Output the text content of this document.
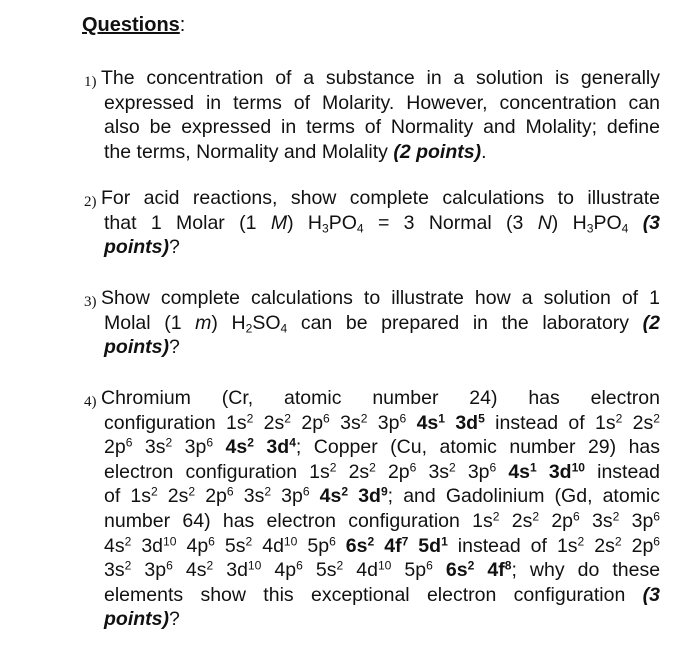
Questions:
1) The concentration of a substance in a solution is generally
expressed in terms of Molarity. However, concentration can
also be expressed in terms of Normality and Molality; define
the terms, Normality and Molality (2 points).
2) For acid reactions, show complete calculations to illustrate
that 1 Molar (1 M) $H_3PO_4 = 3$ Normal (3 N) $H_3PO_4$ (3
points)?
3) Show complete calculations to illustrate how a solution of 1
Molal (1 m) $H_2SO_4$ can be prepared in the laboratory (2
points)?
4) Chromium (Cr, atomic number 24) has electron
configuration $1s^2$ $2s^2$ $2p^6$ $3s^2$ $3p^6$ $4s^1$ $3d^5$ instead of $1s^2$ $2s^2$
$2p^6$ $3s^2$ $3p^6$ $4s^2$ $3d^4$; Copper (Cu, atomic number 29) has
electron configuration $1s^2$ $2s^2$ $2p^6$ $3s^2$ $3p^6$ $4s^1$ $3d^{10}$ instead
of $1s^2$ $2s^2$ $2p^6$ $3s^2$ $3p^6$ $4s^2$ $3d^9$; and Gadolinium (Gd, atomic
number 64) has electron configuration $1s^2$ $2s^2$ $2p^6$ $3s^2$ $3p^6$
$4s^2$ $3d^{10}$ $4p^6$ $5s^2$ $4d^{10}$ $5p^6$ $6s^2$ $4f^7$ $5d^1$ instead of $1s^2$ $2s^2$ $2p^6$
$3s^2$ $3p^6$ $4s^2$ $3d^{10}$ $4p^6$ $5s^2$ $4d^{10}$ $5p^6$ $6s^2$ $4f^8$; why do these
elements show this exceptional electron configuration (3
points)?
